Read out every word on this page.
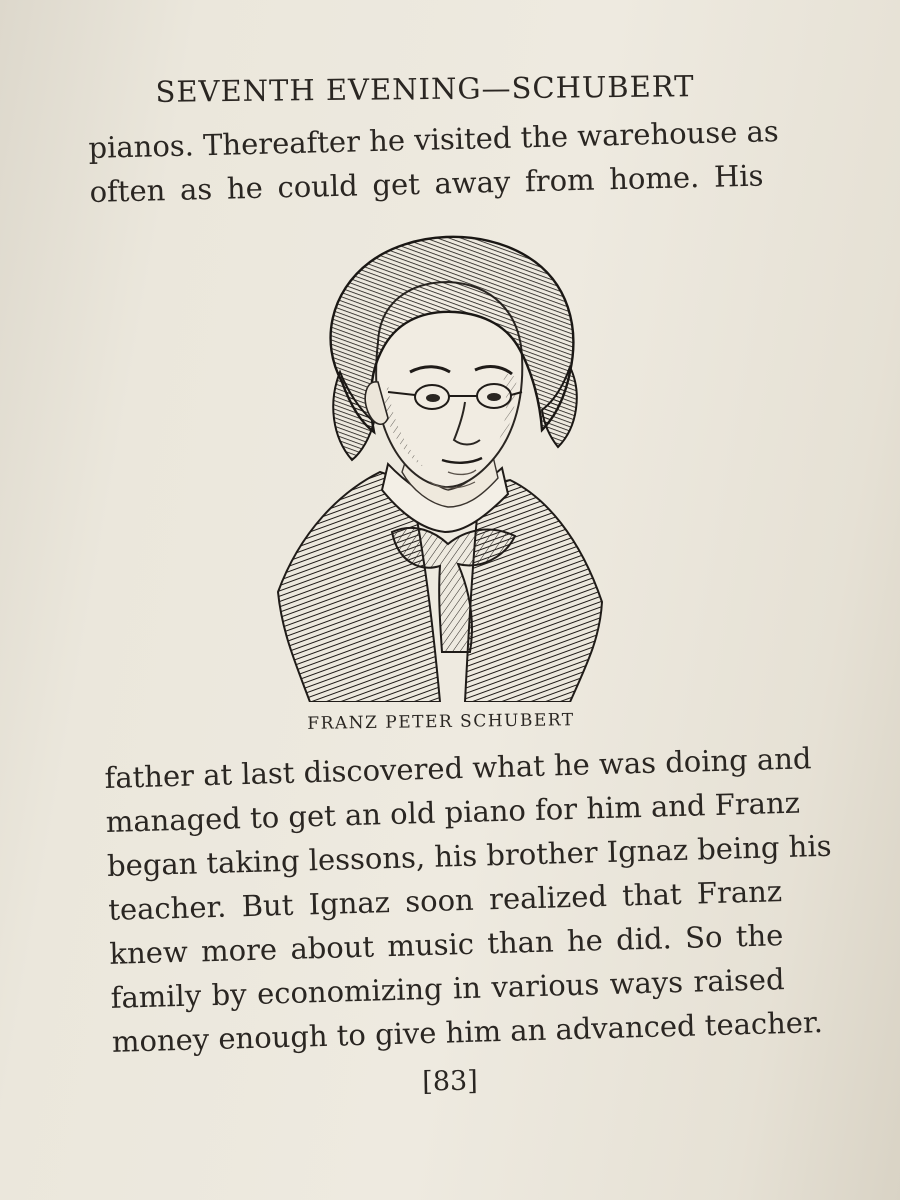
SEVENTH EVENING—SCHUBERT

pianos. Thereafter he visited the warehouse as
often as he could get away from home. His

FRANZ PETER SCHUBERT

father at last discovered what he was doing and
managed to get an old piano for him and Franz
began taking lessons, his brother Ignaz being his
teacher. But Ignaz soon realized that Franz
knew more about music than he did. So the
family by economizing in various ways raised
money enough to give him an advanced teacher.

[83]
